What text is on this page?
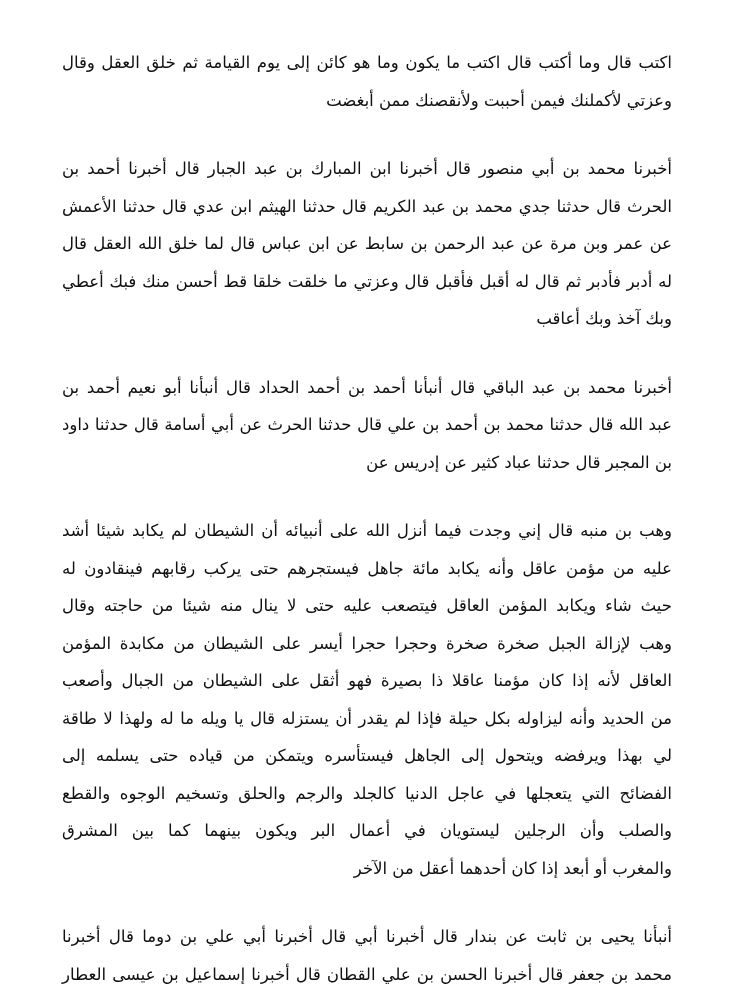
اكتب قال وما أكتب قال اكتب ما يكون وما هو كائن إلى يوم القيامة ثم خلق العقل وقال
وعزتي لأكملنك فيمن أحببت ولأنقصنك ممن أبغضت
أخبرنا محمد بن أبي منصور قال أخبرنا ابن المبارك بن عبد الجبار قال أخبرنا أحمد بن
الحرث قال حدثنا جدي محمد بن عبد الكريم قال حدثنا الهيثم ابن عدي قال حدثنا الأعمش
عن عمر وبن مرة عن عبد الرحمن بن سابط عن ابن عباس قال لما خلق الله العقل قال
له أدبر فأدبر ثم قال له أقبل فأقبل قال وعزتي ما خلقت خلقا قط أحسن منك فبك أعطي
وبك آخذ وبك أعاقب
أخبرنا محمد بن عبد الباقي قال أنبأنا أحمد بن أحمد الحداد قال أنبأنا أبو نعيم أحمد بن
عبد الله قال حدثنا محمد بن أحمد بن علي قال حدثنا الحرث عن أبي أسامة قال حدثنا داود
بن المجبر قال حدثنا عباد كثير عن إدريس عن
وهب بن منبه قال إني وجدت فيما أنزل الله على أنبيائه أن الشيطان لم يكابد شيئا أشد
عليه من مؤمن عاقل وأنه يكابد مائة جاهل فيستجرهم حتى يركب رقابهم فينقادون له
حيث شاء ويكابد المؤمن العاقل فيتصعب عليه حتى لا ينال منه شيئا من حاجته وقال
وهب لإزالة الجبل صخرة صخرة وحجرا حجرا أيسر على الشيطان من مكابدة المؤمن
العاقل لأنه إذا كان مؤمنا عاقلا ذا بصيرة فهو أثقل على الشيطان من الجبال وأصعب
من الحديد وأنه ليزاوله بكل حيلة فإذا لم يقدر أن يستزله قال يا ويله ما له ولهذا لا طاقة
لي بهذا ويرفضه ويتحول إلى الجاهل فيستأسره ويتمكن من قياده حتى يسلمه إلى
الفضائح التي يتعجلها في عاجل الدنيا كالجلد والرجم والحلق وتسخيم الوجوه والقطع
والصلب وأن الرجلين ليستويان في أعمال البر ويكون بينهما كما بين المشرق
والمغرب أو أبعد إذا كان أحدهما أعقل من الآخر
أنبأنا يحيى بن ثابت عن بندار قال أخبرنا أبي قال أخبرنا أبي علي بن دوما قال أخبرنا
محمد بن جعفر قال أخبرنا الحسن بن علي القطان قال أخبرنا إسماعيل بن عيسى العطار
